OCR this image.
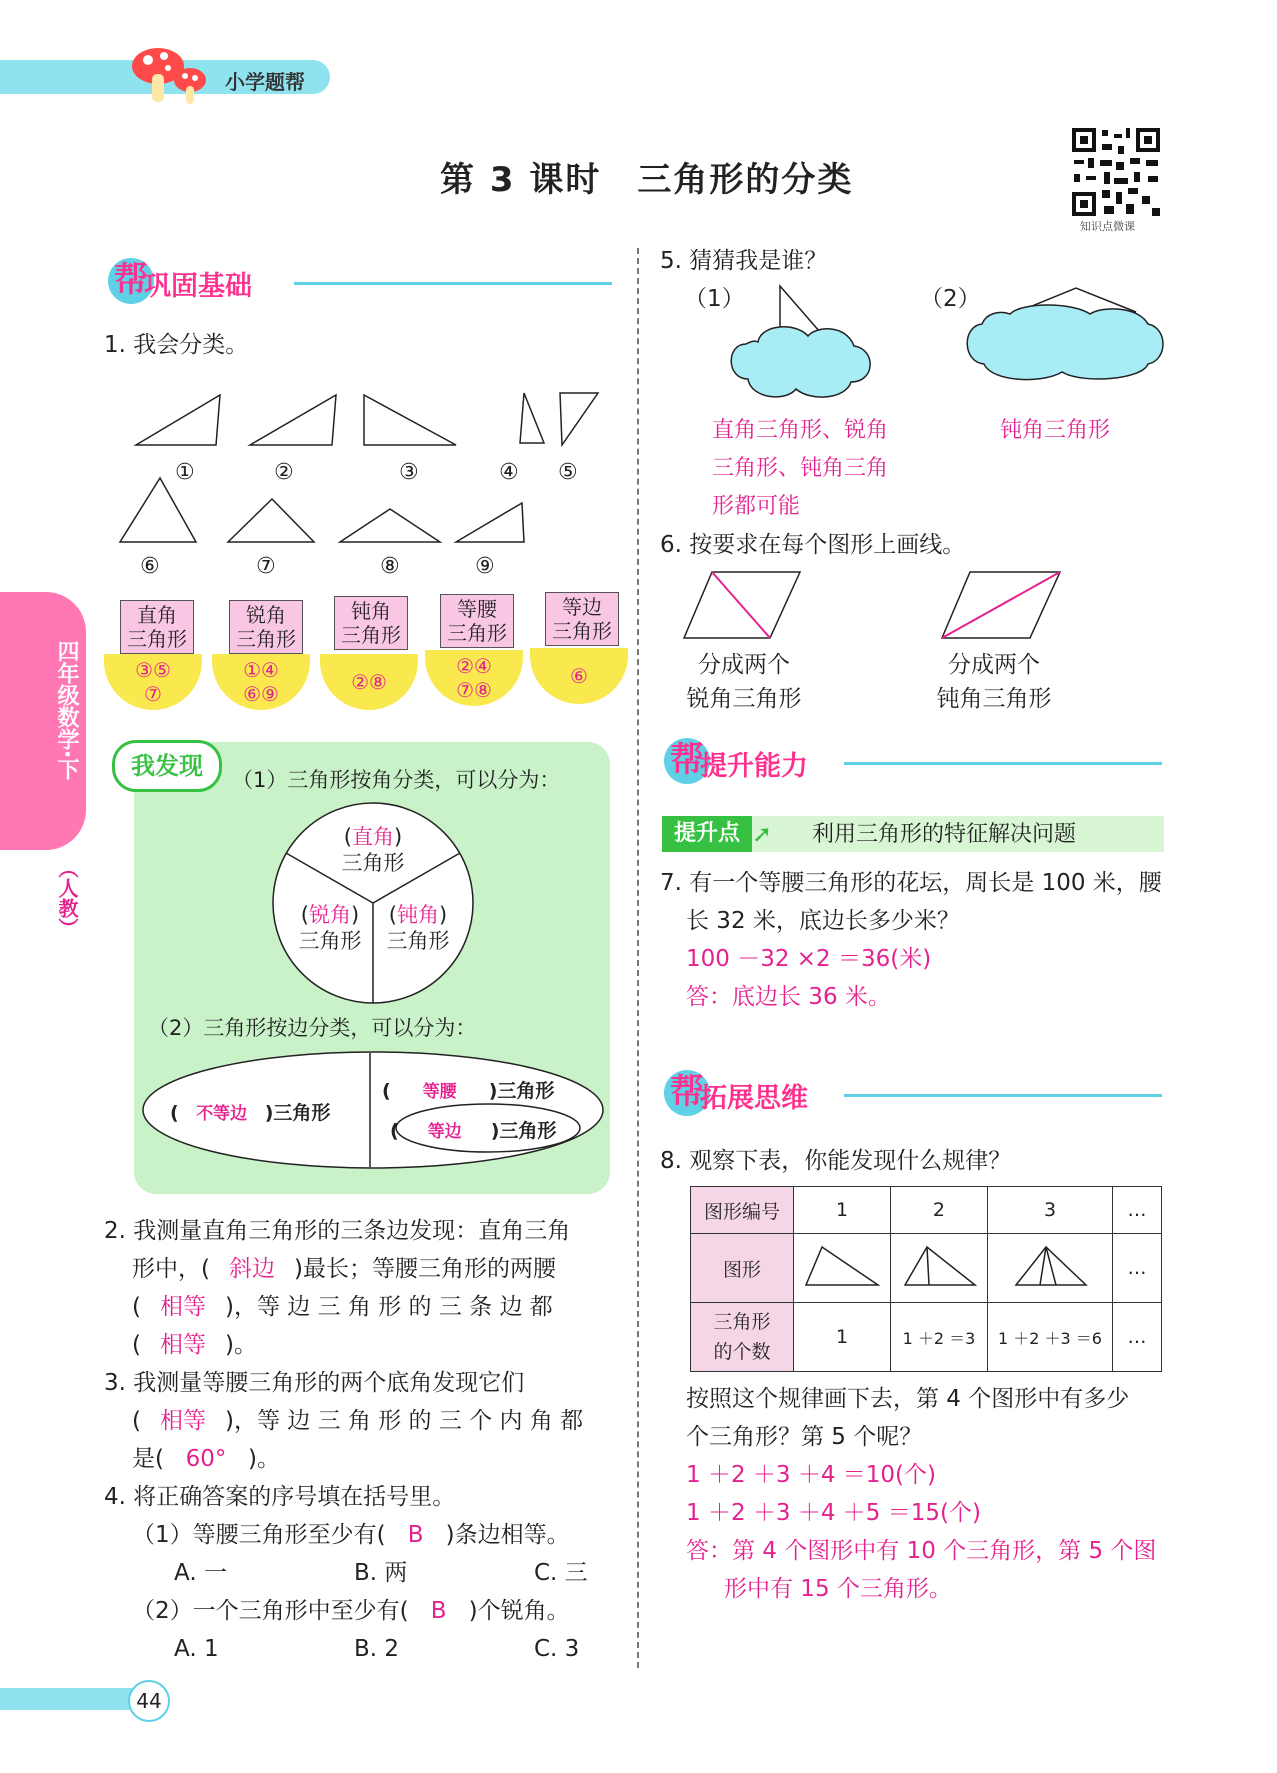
小学题帮
第 3 课时　三角形的分类
知识点微课
四年级数学·下
（人教）
帮
巩固基础
1. 我会分类。
①	②	③	④ ⑤
⑥	⑦	⑧	⑨
③⑤
⑦
直角
三角形
①④
⑥⑨
锐角
三角形
②⑧
钝角
三角形
②④
⑦⑧
等腰
三角形
⑥
等边
三角形
我发现	（1）三角形按角分类，可以分为：
(直角)
三角形
(锐角)
三角形
(钝角)
三角形
（2）三角形按边分类，可以分为：
( 不等边 )三角形
( 等腰 )三角形
( 等边 )三角形
2. 我测量直角三角形的三条边发现：直角三角
形中，( 斜边 )最长；等腰三角形的两腰
( 相等 )，等 边 三 角 形 的 三 条 边 都
( 相等 )。
3. 我测量等腰三角形的两个底角发现它们
( 相等 )，等 边 三 角 形 的 三 个 内 角 都
是( 60° )。
4. 将正确答案的序号填在括号里。
（1）等腰三角形至少有( B )条边相等。
A. 一	B. 两	C. 三
（2）一个三角形中至少有( B )个锐角。
A. 1	B. 2	C. 3
44
5. 猜猜我是谁？
（1）	（2）
直角三角形、锐角
三角形、钝角三角
形都可能
钝角三角形
6. 按要求在每个图形上画线。
分成两个
锐角三角形
分成两个
钝角三角形
帮
提升能力
提升点 ➚ 利用三角形的特征解决问题
7. 有一个等腰三角形的花坛，周长是 100 米，腰
长 32 米，底边长多少米？
100 －32 ×2 ＝36(米)
答：底边长 36 米。
帮
拓展思维
8. 观察下表，你能发现什么规律？
图形编号	1	2	3	…
图形				…
三角形
的个数	1	1 ＋2 ＝3	1 ＋2 ＋3 ＝6	…
按照这个规律画下去，第 4 个图形中有多少
个三角形？第 5 个呢？
1 ＋2 ＋3 ＋4 ＝10(个)
1 ＋2 ＋3 ＋4 ＋5 ＝15(个)
答：第 4 个图形中有 10 个三角形，第 5 个图
形中有 15 个三角形。
